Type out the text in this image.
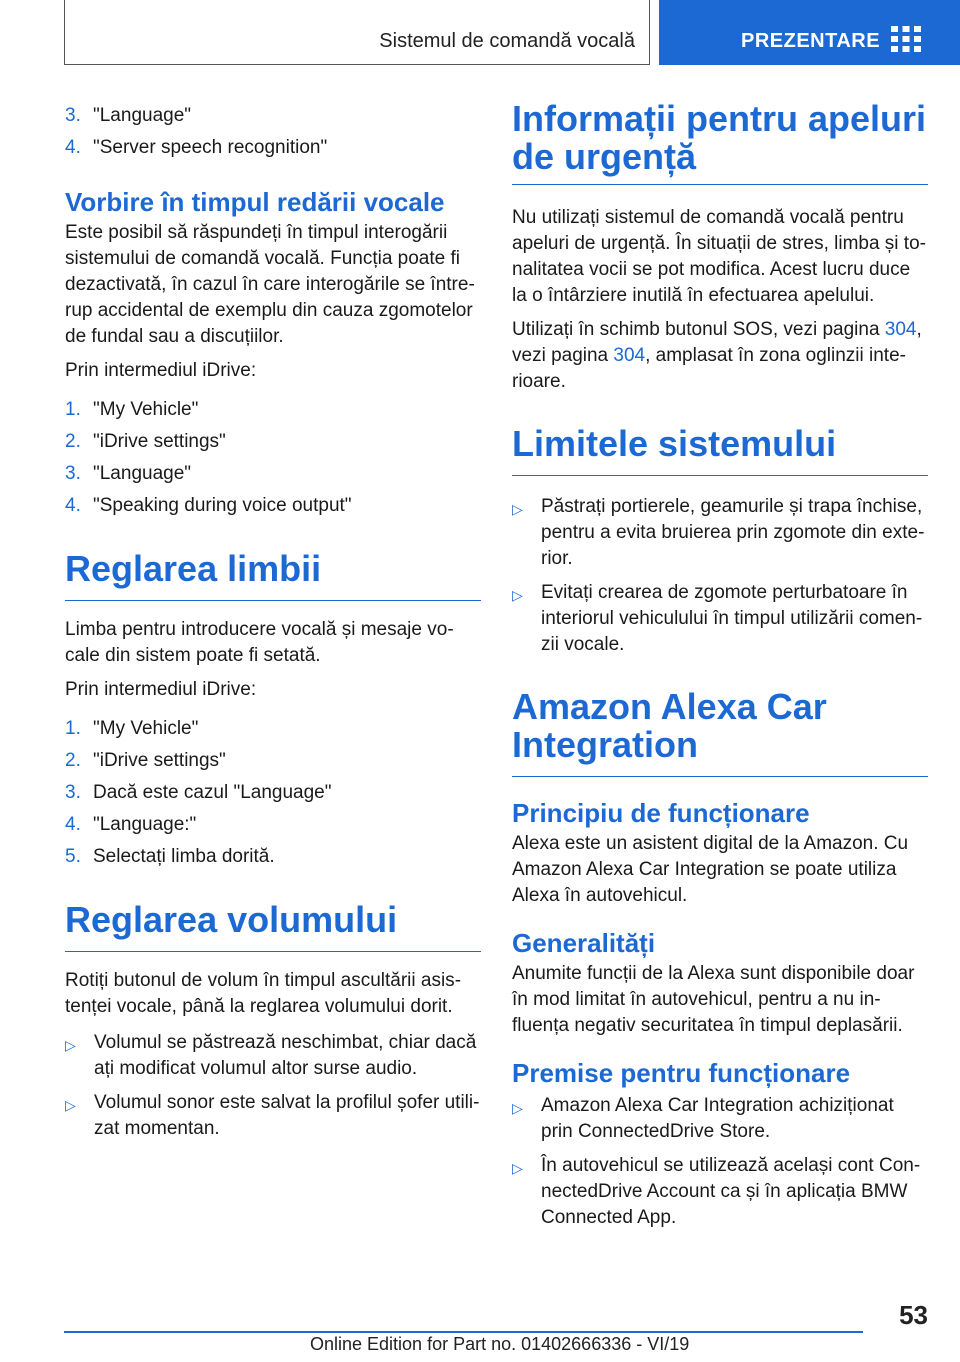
Sistemul de comandă vocală	PREZENTARE
3. "Language"
4. "Server speech recognition"
Vorbire în timpul redării vocale

Este posibil să răspundeți în timpul interogării sistemului de comandă vocală. Funcția poate fi dezactivată, în cazul în care interogările se întrerup accidental de exemplu din cauza zgomotelor de fundal sau a discuțiilor.

Prin intermediul iDrive:

1. "My Vehicle"
2. "iDrive settings"
3. "Language"
4. "Speaking during voice output"
Reglarea limbii

Limba pentru introducere vocală și mesaje vocale din sistem poate fi setată.

Prin intermediul iDrive:

1. "My Vehicle"
2. "iDrive settings"
3. Dacă este cazul "Language"
4. "Language:"
5. Selectați limba dorită.
Reglarea volumului

Rotiți butonul de volum în timpul ascultării asistenței vocale, până la reglarea volumului dorit.

▷ Volumul se păstrează neschimbat, chiar dacă ați modificat volumul altor surse audio.
▷ Volumul sonor este salvat la profilul șofer utilizat momentan.
Informații pentru apeluri de urgență

Nu utilizați sistemul de comandă vocală pentru apeluri de urgență. În situații de stres, limba și tonalitatea vocii se pot modifica. Acest lucru duce la o întârziere inutilă în efectuarea apelului.

Utilizați în schimb butonul SOS, vezi pagina 304, vezi pagina 304, amplasat în zona oglinzii interioare.

Limitele sistemului
▷ Păstrați portierele, geamurile și trapa închise, pentru a evita bruierea prin zgomote din exterior.
▷ Evitați crearea de zgomote perturbatoare în interiorul vehiculului în timpul utilizării comenzii vocale.
Amazon Alexa Car Integration
Principiu de funcționare

Alexa este un asistent digital de la Amazon. Cu Amazon Alexa Car Integration se poate utiliza Alexa în autovehicul.

Generalități

Anumite funcții de la Alexa sunt disponibile doar în mod limitat în autovehicul, pentru a nu influența negativ securitatea în timpul deplasării.

Premise pentru funcționare
▷ Amazon Alexa Car Integration achiziționat prin ConnectedDrive Store.
▷ În autovehicul se utilizează același cont ConnectedDrive Account ca și în aplicația BMW Connected App.
53
Online Edition for Part no. 01402666336 - VI/19
